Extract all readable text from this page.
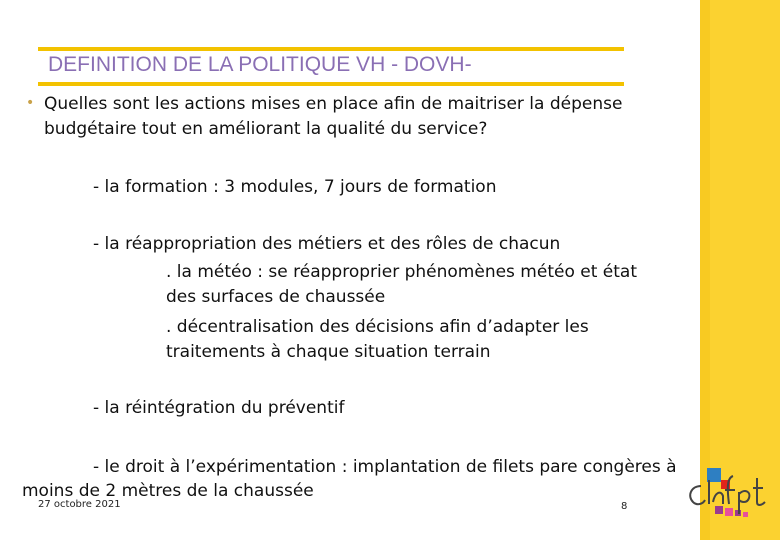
DEFINITION DE LA POLITIQUE VH - DOVH-
• Quelles sont les actions mises en place afin de maitriser la dépense budgétaire tout en améliorant la qualité du service?
- la formation : 3 modules, 7 jours de formation
- la réappropriation des métiers et des rôles de chacun
. la météo : se réapproprier phénomènes météo et état des surfaces de chaussée
. décentralisation des décisions afin d’adapter les traitements à chaque situation terrain
- la réintégration du préventif
- le droit à l’expérimentation : implantation de filets pare congères à
moins de 2 mètres de la chaussée
27 octobre 2021	8
